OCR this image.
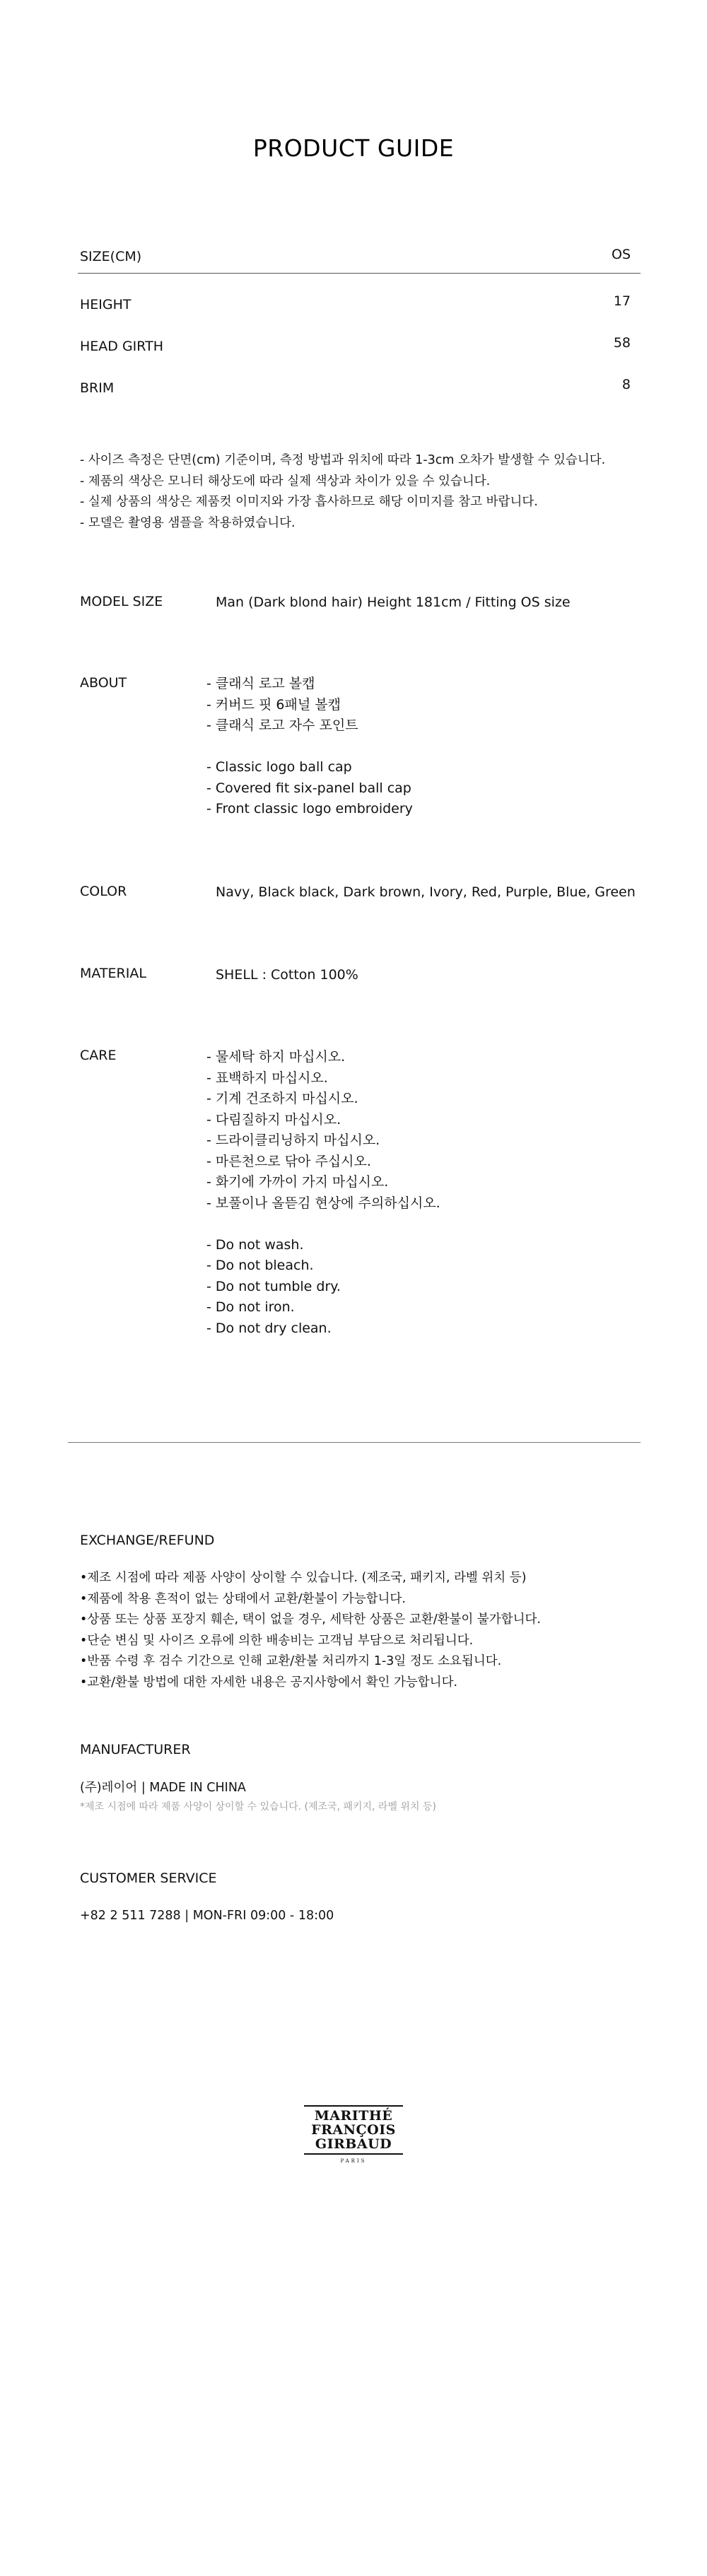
PRODUCT GUIDE
SIZE(CM)	OS
HEIGHT	17
HEAD GIRTH	58
BRIM	8
- 사이즈 측정은 단면(cm) 기준이며, 측정 방법과 위치에 따라 1-3cm 오차가 발생할 수 있습니다.
- 제품의 색상은 모니터 해상도에 따라 실제 색상과 차이가 있을 수 있습니다.
- 실제 상품의 색상은 제품컷 이미지와 가장 흡사하므로 해당 이미지를 참고 바랍니다.
- 모델은 촬영용 샘플을 착용하였습니다.
MODEL SIZE	Man (Dark blond hair) Height 181cm / Fitting OS size
ABOUT	- 클래식 로고 볼캡
- 커버드 핏 6패널 볼캡
- 클래식 로고 자수 포인트
- Classic logo ball cap
- Covered fit six-panel ball cap
- Front classic logo embroidery
COLOR	Navy, Black black, Dark brown, Ivory, Red, Purple, Blue, Green
MATERIAL	SHELL : Cotton 100%
CARE	- 물세탁 하지 마십시오.
- 표백하지 마십시오.
- 기계 건조하지 마십시오.
- 다림질하지 마십시오.
- 드라이클리닝하지 마십시오.
- 마른천으로 닦아 주십시오.
- 화기에 가까이 가지 마십시오.
- 보풀이나 올뜯김 현상에 주의하십시오.
- Do not wash.
- Do not bleach.
- Do not tumble dry.
- Do not iron.
- Do not dry clean.
EXCHANGE/REFUND
•제조 시점에 따라 제품 사양이 상이할 수 있습니다. (제조국, 패키지, 라벨 위치 등)
•제품에 착용 흔적이 없는 상태에서 교환/환불이 가능합니다.
•상품 또는 상품 포장지 훼손, 택이 없을 경우, 세탁한 상품은 교환/환불이 불가합니다.
•단순 변심 및 사이즈 오류에 의한 배송비는 고객님 부담으로 처리됩니다.
•반품 수령 후 검수 기간으로 인해 교환/환불 처리까지 1-3일 정도 소요됩니다.
•교환/환불 방법에 대한 자세한 내용은 공지사항에서 확인 가능합니다.
MANUFACTURER
(주)레이어 | MADE IN CHINA
*제조 시점에 따라 제품 사양이 상이할 수 있습니다. (제조국, 패키지, 라벨 위치 등)
CUSTOMER SERVICE
+82 2 511 7288 | MON-FRI 09:00 - 18:00
MARITHÉ
FRANÇOIS
GIRBAUD
PARIS
